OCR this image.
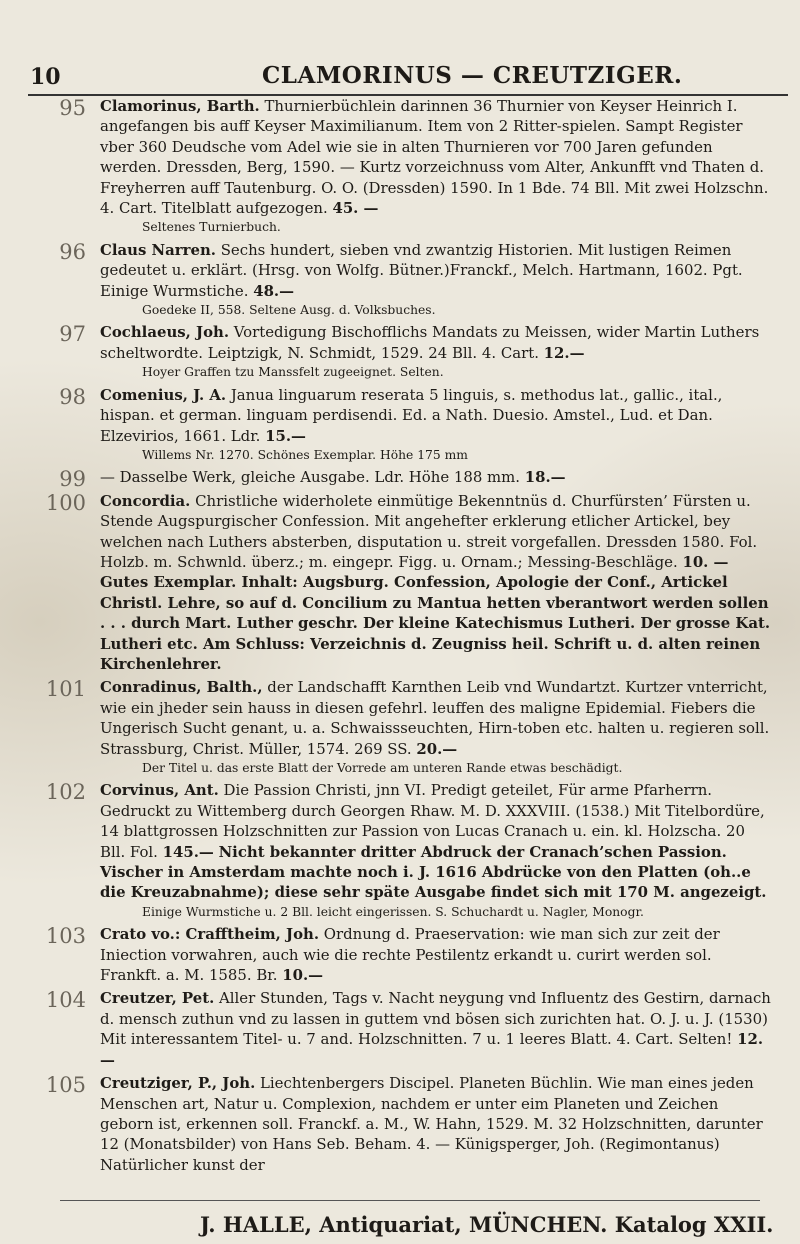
10	CLAMORINUS — CREUTZIGER.
95 Clamorinus, Barth. Thurnierbüchlein darinnen 36 Thurnier von Keyser Heinrich I. angefangen bis auff Keyser Maximilianum. Item von 2 Ritter-spielen. Sampt Register vber 360 Deudsche vom Adel wie sie in alten Thurnieren vor 700 Jaren gefunden werden. Dressden, Berg, 1590. — Kurtz vorzeichnuss vom Alter, Ankunfft vnd Thaten d. Freyherren auff Tautenburg. O. O. (Dressden) 1590. In 1 Bde. 74 Bll. Mit zwei Holzschn. 4. Cart. Titelblatt aufgezogen. 45. —
Seltenes Turnierbuch.
96 Claus Narren. Sechs hundert, sieben vnd zwantzig Historien. Mit lustigen Reimen gedeutet u. erklärt. (Hrsg. von Wolfg. Bütner.)Franckf., Melch. Hartmann, 1602. Pgt. Einige Wurmstiche. 48.—
Goedeke II, 558. Seltene Ausg. d. Volksbuches.
97 Cochlaeus, Joh. Vortedigung Bischofflichs Mandats zu Meissen, wider Martin Luthers scheltwordte. Leiptzigk, N. Schmidt, 1529. 24 Bll. 4. Cart. 12.—
Hoyer Graffen tzu Manssfelt zugeeignet. Selten.
98 Comenius, J. A. Janua linguarum reserata 5 linguis, s. methodus lat., gallic., ital., hispan. et german. linguam perdisendi. Ed. a Nath. Duesio. Amstel., Lud. et Dan. Elzevirios, 1661. Ldr. 15.—
Willems Nr. 1270. Schönes Exemplar. Höhe 175 mm
99 — Dasselbe Werk, gleiche Ausgabe. Ldr. Höhe 188 mm. 18.—
100 Concordia. Christliche widerholete einmütige Bekenntnüs d. Churfürsten’ Fürsten u. Stende Augspurgischer Confession. Mit angehefter erklerung etlicher Artickel, bey welchen nach Luthers absterben, disputation u. streit vorgefallen. Dressden 1580. Fol. Holzb. m. Schwnld. überz.; m. eingepr. Figg. u. Ornam.; Messing-Beschläge. 10. — Gutes Exemplar. Inhalt: Augsburg. Confession, Apologie der Conf., Artickel Christl. Lehre, so auf d. Concilium zu Mantua hetten vberantwort werden sollen . . . durch Mart. Luther geschr. Der kleine Katechismus Lutheri. Der grosse Kat. Lutheri etc. Am Schluss: Verzeichnis d. Zeugniss heil. Schrift u. d. alten reinen Kirchenlehrer.
101 Conradinus, Balth., der Landschafft Karnthen Leib vnd Wundartzt. Kurtzer vnterricht, wie ein jheder sein hauss in diesen gefehrl. leuffen des maligne Epidemial. Fiebers die Ungerisch Sucht genant, u. a. Schwaissseuchten, Hirn-toben etc. halten u. regieren soll. Strassburg, Christ. Müller, 1574. 269 SS. 20.—
Der Titel u. das erste Blatt der Vorrede am unteren Rande etwas beschädigt.
102 Corvinus, Ant. Die Passion Christi, jnn VI. Predigt geteilet, Für arme Pfarherrn. Gedruckt zu Wittemberg durch Georgen Rhaw. M. D. XXXVIII. (1538.) Mit Titelbordüre, 14 blattgrossen Holzschnitten zur Passion von Lucas Cranach u. ein. kl. Holzscha. 20 Bll. Fol. 145.— Nicht bekannter dritter Abdruck der Cranach’schen Passion. Vischer in Amsterdam machte noch i. J. 1616 Abdrücke von den Platten (oh..e die Kreuzabnahme); diese sehr späte Ausgabe findet sich mit 170 M. angezeigt.
Einige Wurmstiche u. 2 Bll. leicht eingerissen. S. Schuchardt u. Nagler, Monogr.
103 Crato vo.: Crafftheim, Joh. Ordnung d. Praeservation: wie man sich zur zeit der Iniection vorwahren, auch wie die rechte Pestilentz erkandt u. curirt werden sol. Frankft. a. M. 1585. Br. 10.—
104 Creutzer, Pet. Aller Stunden, Tags v. Nacht neygung vnd Influentz des Gestirn, darnach d. mensch zuthun vnd zu lassen in guttem vnd bösen sich zurichten hat. O. J. u. J. (1530) Mit interessantem Titel- u. 7 and. Holzschnitten. 7 u. 1 leeres Blatt. 4. Cart. Selten! 12.—
105 Creutziger, P., Joh. Liechtenbergers Discipel. Planeten Büchlin. Wie man eines jeden Menschen art, Natur u. Complexion, nachdem er unter eim Planeten und Zeichen geborn ist, erkennen soll. Franckf. a. M., W. Hahn, 1529. M. 32 Holzschnitten, darunter 12 (Monatsbilder) von Hans Seb. Beham. 4. — Künigsperger, Joh. (Regimontanus) Natürlicher kunst der
J. HALLE, Antiquariat, MÜNCHEN. Katalog XXII.
